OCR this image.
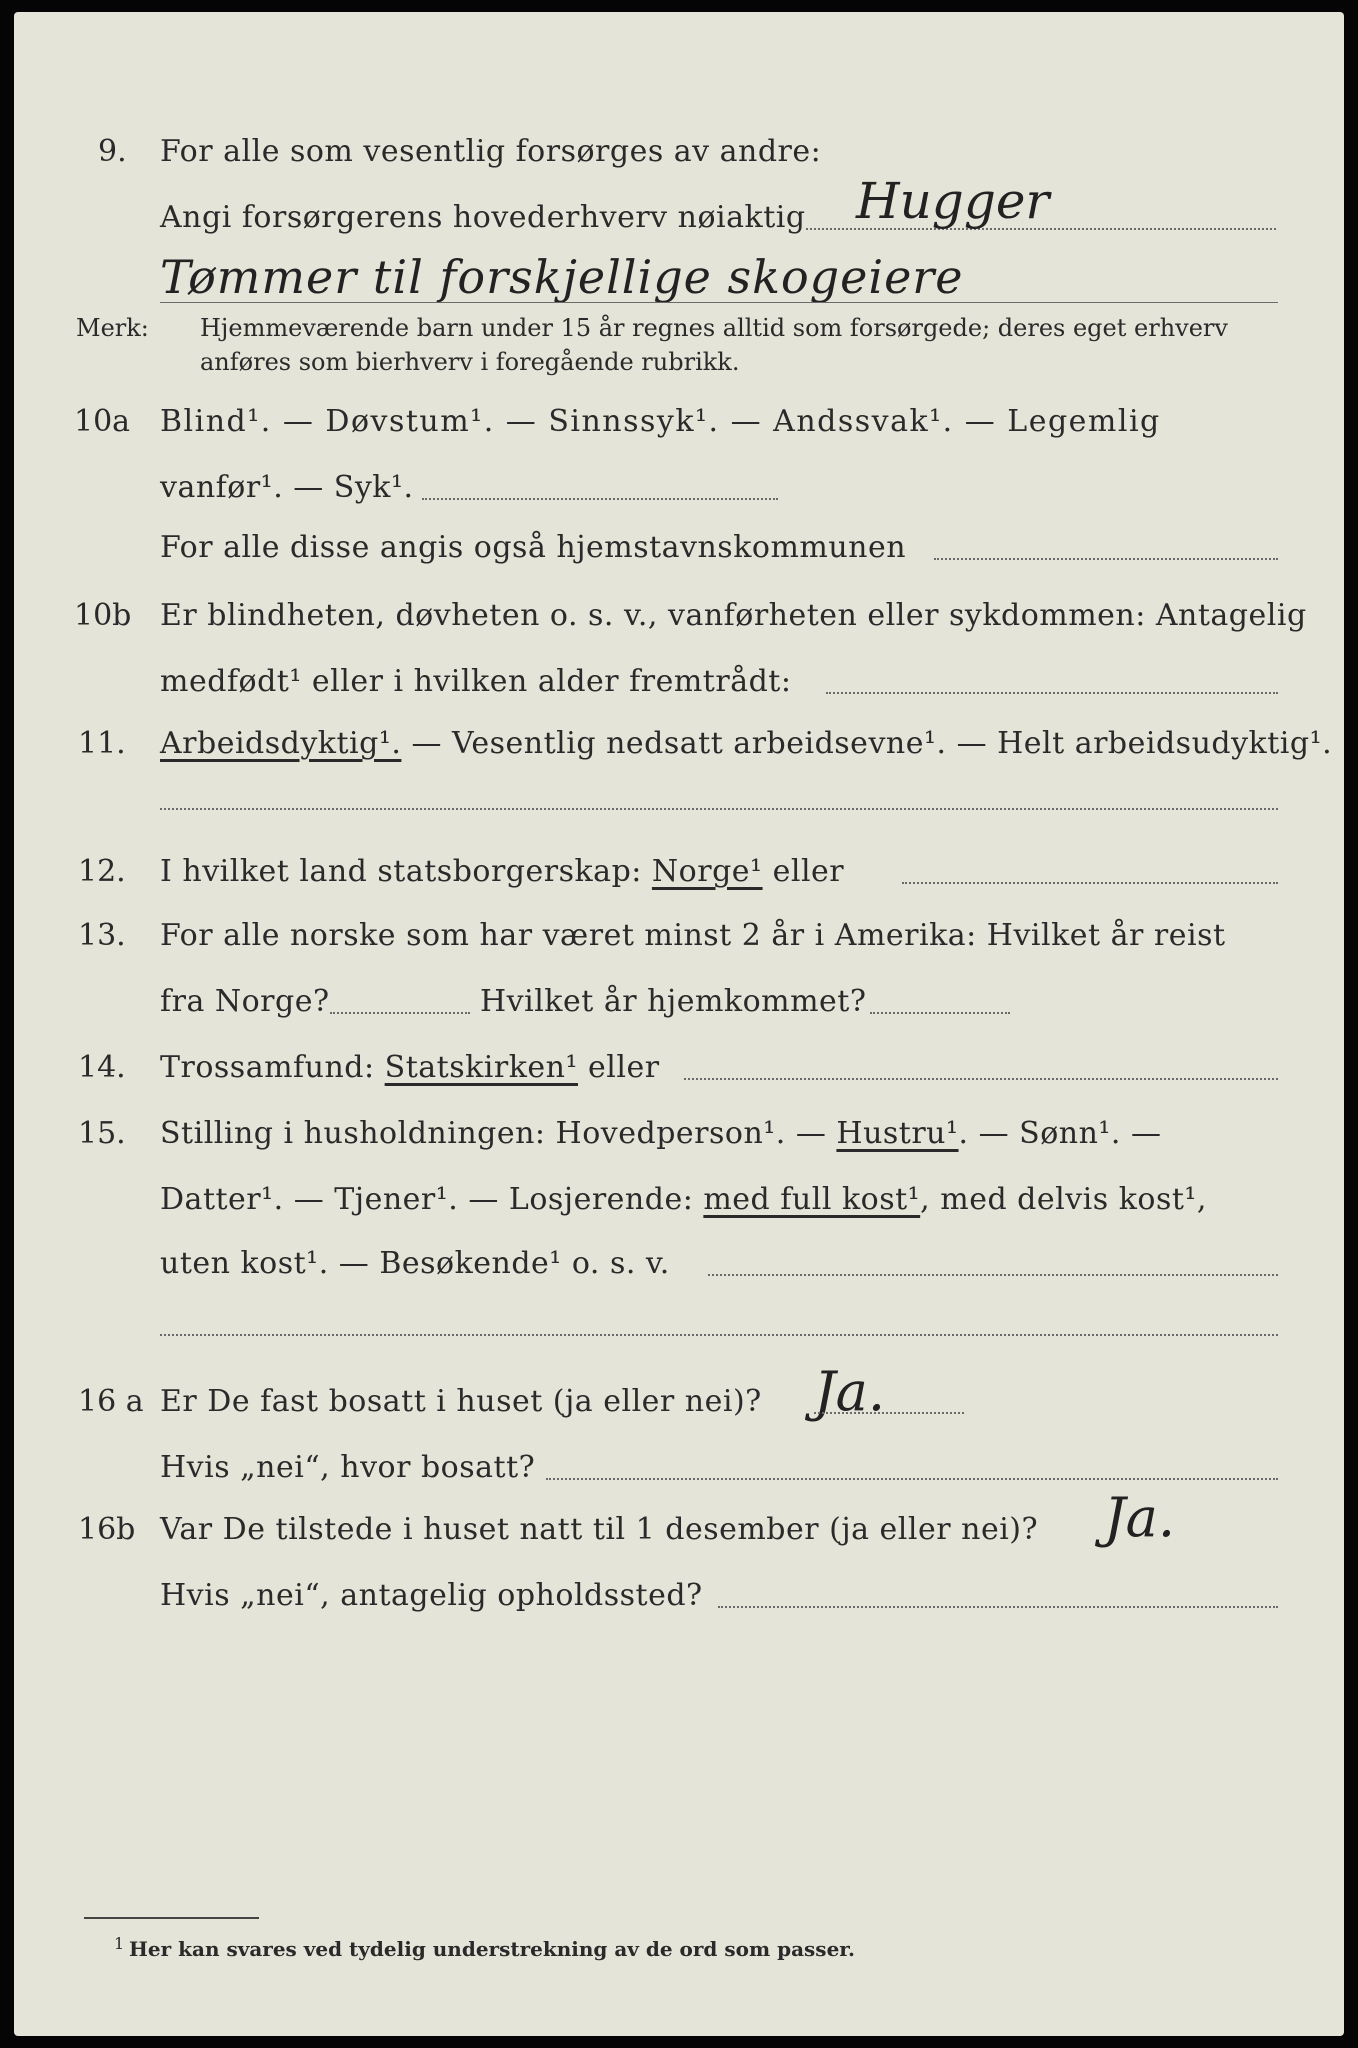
9. For alle som vesentlig forsørges av andre:
Angi forsørgerens hovederhverv nøiaktig Hugger
Tømmer til forskjellige skogeiere
Merk: Hjemmeværende barn under 15 år regnes alltid som forsørgede; deres eget erhverv
anføres som bierhverv i foregående rubrikk.
10a Blind¹. — Døvstum¹. — Sinnssyk¹. — Andssvak¹. — Legemlig
vanfør¹. — Syk¹.
For alle disse angis også hjemstavnskommunen
10b Er blindheten, døvheten o. s. v., vanførheten eller sykdommen: Antagelig
medfødt¹ eller i hvilken alder fremtrådt:
11. Arbeidsdyktig¹. — Vesentlig nedsatt arbeidsevne¹. — Helt arbeidsudyktig¹.
12. I hvilket land statsborgerskap: Norge¹ eller
13. For alle norske som har været minst 2 år i Amerika: Hvilket år reist
fra Norge?	Hvilket år hjemkommet?
14. Trossamfund: Statskirken¹ eller
15. Stilling i husholdningen: Hovedperson¹. — Hustru¹. — Sønn¹. —
Datter¹. — Tjener¹. — Losjerende: med full kost¹, med delvis kost¹,
uten kost¹. — Besøkende¹ o. s. v.
16 a Er De fast bosatt i huset (ja eller nei)? Ja.
Hvis „nei“, hvor bosatt?
16b Var De tilstede i huset natt til 1 desember (ja eller nei)? Ja.
Hvis „nei“, antagelig opholdssted?
1 Her kan svares ved tydelig understrekning av de ord som passer.
